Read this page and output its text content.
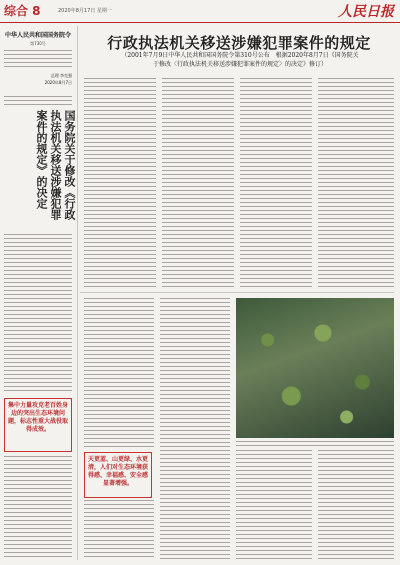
综合 8	2020年8月17日 星期一	人民日报
中华人民共和国国务院令
第730号
总理 李克强
2020年8月7日
国务院关于修改《行政执法机关移送涉嫌犯罪案件的规定》的决定
集中力量攻克老百姓身边的突出生态环境问题，标志性重大战役取得成效。
行政执法机关移送涉嫌犯罪案件的规定
（2001年7月9日中华人民共和国国务院令第310号公布　根据2020年8月7日《国务院关
于修改〈行政执法机关移送涉嫌犯罪案件的规定〉的决定》修订）
天更蓝、山更绿、水更清，人们对生态环境获得感、幸福感、安全感显著增强。
